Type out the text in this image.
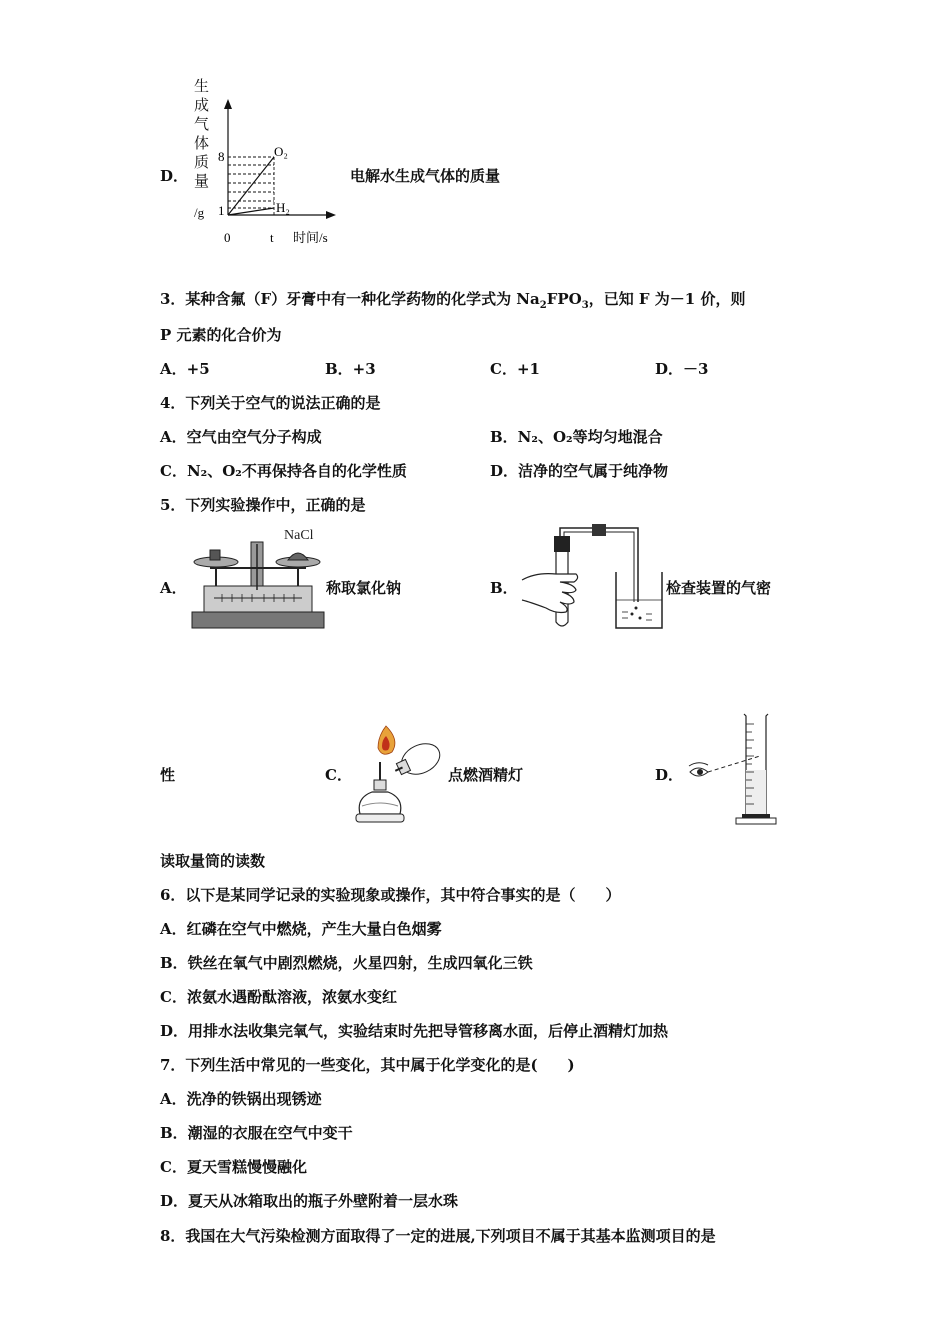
D．
生
成
气
体
质
量
/g
8
1
O₂
H₂
0	t 时间/s
电解水生成气体的质量
3．某种含氟（F）牙膏中有一种化学药物的化学式为 $Na_2FPO_3$，已知 F 为－1 价，则
P 元素的化合价为
A．+5	B．+3	C．+1	D．－3
4．下列关于空气的说法正确的是
A．空气由空气分子构成	B．N₂、O₂等均匀地混合
C．N₂、O₂不再保持各自的化学性质	D．洁净的空气属于纯净物
5．下列实验操作中，正确的是
A．
NaCl
称取氯化钠	B．	检查装置的气密
性	C．	点燃酒精灯	D．
读取量筒的读数
6．以下是某同学记录的实验现象或操作，其中符合事实的是（　　）
A．红磷在空气中燃烧，产生大量白色烟雾
B．铁丝在氧气中剧烈燃烧，火星四射，生成四氧化三铁
C．浓氨水遇酚酞溶液，浓氨水变红
D．用排水法收集完氧气，实验结束时先把导管移离水面，后停止酒精灯加热
7．下列生活中常见的一些变化，其中属于化学变化的是(　　)
A．洗净的铁锅出现锈迹
B．潮湿的衣服在空气中变干
C．夏天雪糕慢慢融化
D．夏天从冰箱取出的瓶子外壁附着一层水珠
8．我国在大气污染检测方面取得了一定的进展,下列项目不属于其基本监测项目的是
